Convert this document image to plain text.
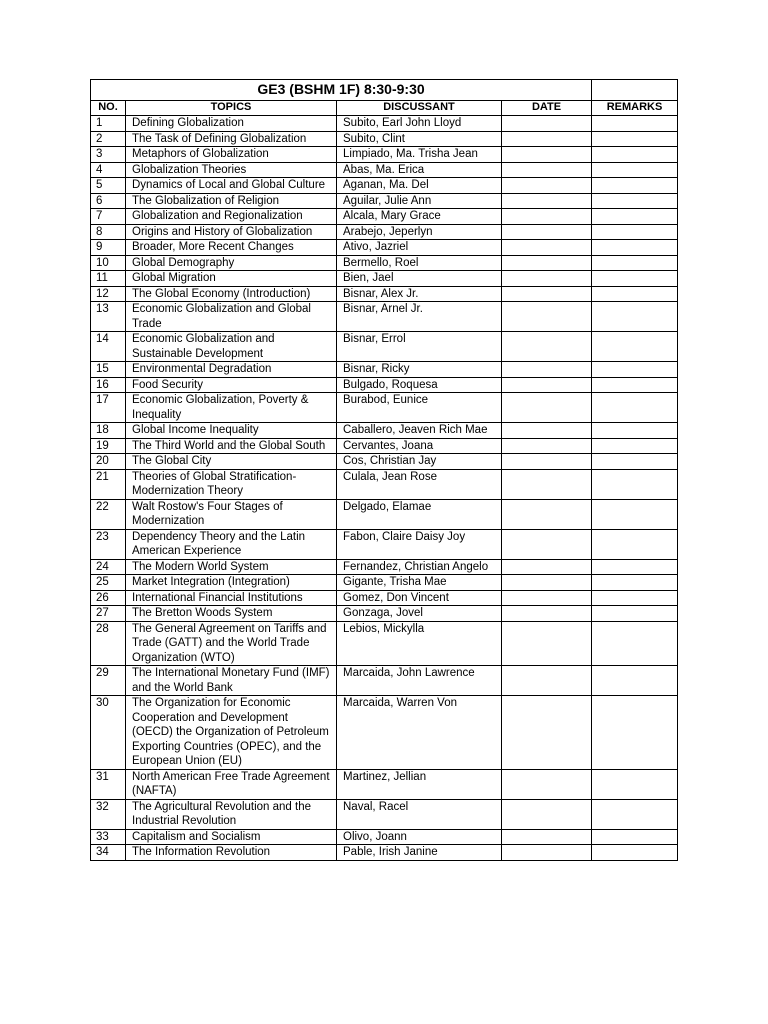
GE3 (BSHM 1F) 8:30-9:30				
NO.	TOPICS	DISCUSSANT	DATE	REMARKS
1	Defining Globalization	Subito, Earl John Lloyd		
2	The Task of Defining Globalization	Subito, Clint		
3	Metaphors of Globalization	Limpiado, Ma. Trisha Jean		
4	Globalization Theories	Abas, Ma. Erica		
5	Dynamics of Local and Global Culture	Aganan, Ma. Del		
6	The Globalization of Religion	Aguilar, Julie Ann		
7	Globalization and Regionalization	Alcala, Mary Grace		
8	Origins and History of Globalization	Arabejo, Jeperlyn		
9	Broader, More Recent Changes	Ativo, Jazriel		
10	Global Demography	Bermello, Roel		
11	Global Migration	Bien, Jael		
12	The Global Economy (Introduction)	Bisnar, Alex Jr.		
13	Economic Globalization and Global Trade	Bisnar, Arnel Jr.		
14	Economic Globalization and Sustainable Development	Bisnar, Errol		
15	Environmental Degradation	Bisnar, Ricky		
16	Food Security	Bulgado, Roquesa		
17	Economic Globalization, Poverty & Inequality	Burabod, Eunice		
18	Global Income Inequality	Caballero, Jeaven Rich Mae		
19	The Third World and the Global South	Cervantes, Joana		
20	The Global City	Cos, Christian Jay		
21	Theories of Global Stratification-Modernization Theory	Culala, Jean Rose		
22	Walt Rostow's Four Stages of Modernization	Delgado, Elamae		
23	Dependency Theory and the Latin American Experience	Fabon, Claire Daisy Joy		
24	The Modern World System	Fernandez, Christian Angelo		
25	Market Integration (Integration)	Gigante, Trisha Mae		
26	International Financial Institutions	Gomez, Don Vincent		
27	The Bretton Woods System	Gonzaga, Jovel		
28	The General Agreement on Tariffs and Trade (GATT) and the World Trade Organization (WTO)	Lebios, Mickylla		
29	The International Monetary Fund (IMF) and the World Bank	Marcaida, John Lawrence		
30	The Organization for Economic Cooperation and Development (OECD) the Organization of Petroleum Exporting Countries (OPEC), and the European Union (EU)	Marcaida, Warren Von		
31	North American Free Trade Agreement (NAFTA)	Martinez, Jellian		
32	The Agricultural Revolution and the Industrial Revolution	Naval, Racel		
33	Capitalism and Socialism	Olivo, Joann		
34	The Information Revolution	Pable, Irish Janine		
